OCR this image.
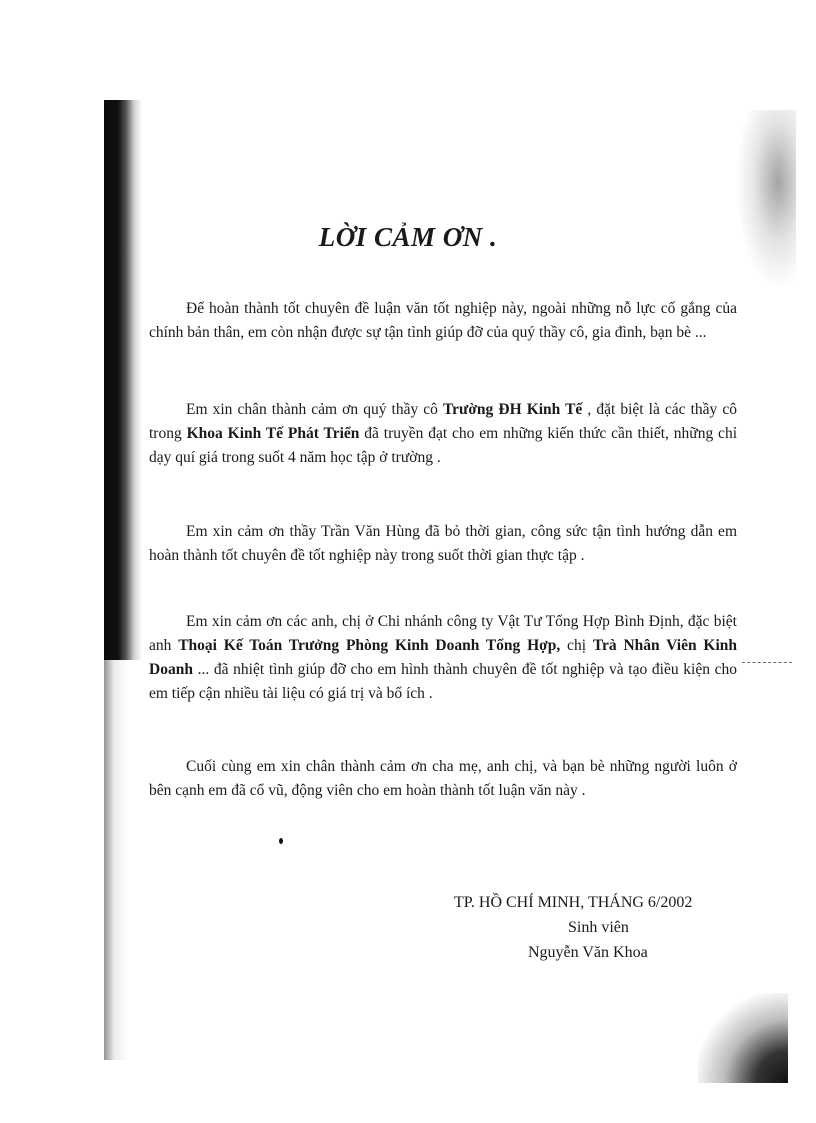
LỜI CẢM ƠN .

Để hoàn thành tốt chuyên đề luận văn tốt nghiệp này, ngoài những nỗ lực cố gắng của chính bản thân, em còn nhận được sự tận tình giúp đỡ của quý thầy cô, gia đình, bạn bè ...

Em xin chân thành cảm ơn quý thầy cô Trường ĐH Kinh Tế , đặt biệt là các thầy cô trong Khoa Kinh Tế Phát Triển đã truyền đạt cho em những kiến thức cần thiết, những chỉ dạy quí giá trong suốt 4 năm học tập ở trường .

Em xin cảm ơn thầy Trần Văn Hùng đã bỏ thời gian, công sức tận tình hướng dẫn em hoàn thành tốt chuyên đề tốt nghiệp này trong suốt thời gian thực tập .

Em xin cảm ơn các anh, chị ở Chi nhánh công ty Vật Tư Tổng Hợp Bình Định, đặc biệt anh Thoại Kế Toán Trưởng Phòng Kinh Doanh Tổng Hợp, chị Trà Nhân Viên Kinh Doanh ... đã nhiệt tình giúp đỡ cho em hình thành chuyên đề tốt nghiệp và tạo điều kiện cho em tiếp cận nhiều tài liệu có giá trị và bổ ích .

Cuối cùng em xin chân thành cảm ơn cha mẹ, anh chị, và bạn bè những người luôn ở bên cạnh em đã cổ vũ, động viên cho em hoàn thành tốt luận văn này .

TP. HỒ CHÍ MINH, THÁNG 6/2002
Sinh viên
Nguyễn Văn Khoa
